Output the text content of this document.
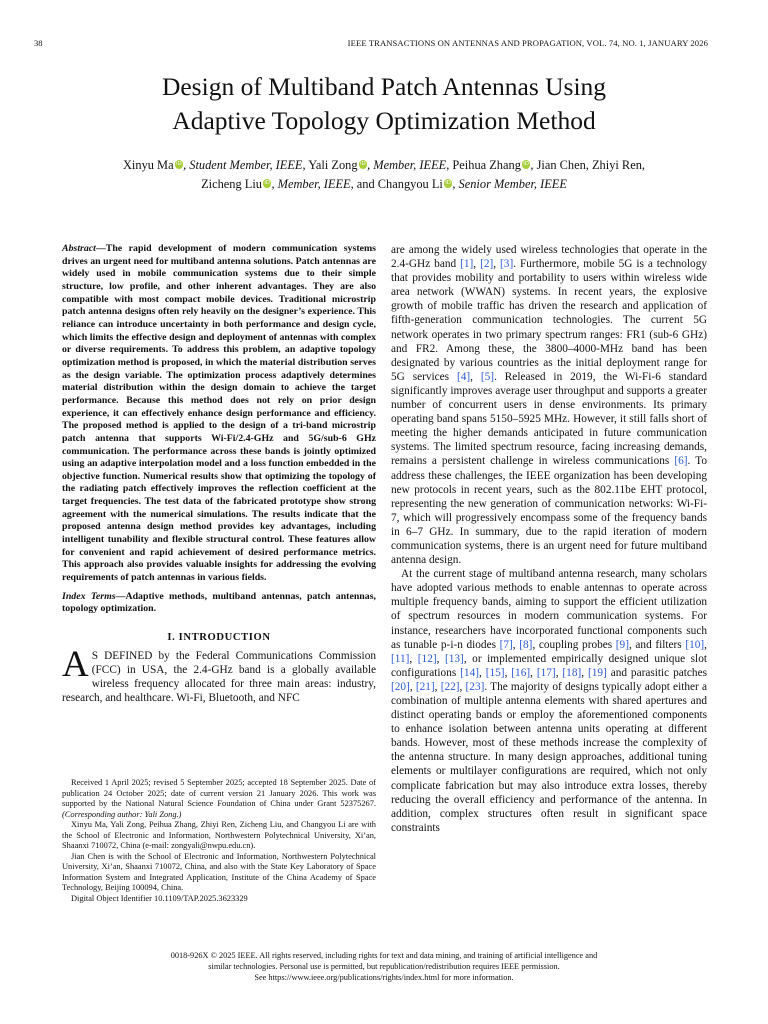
38	IEEE TRANSACTIONS ON ANTENNAS AND PROPAGATION, VOL. 74, NO. 1, JANUARY 2026
Design of Multiband Patch Antennas Using
Adaptive Topology Optimization Method
Xinyu Ma iD, Student Member, IEEE, Yali Zong iD, Member, IEEE, Peihua Zhang iD, Jian Chen, Zhiyi Ren,
Zicheng Liu iD, Member, IEEE, and Changyou Li iD, Senior Member, IEEE

Abstract—The rapid development of modern communication systems drives an urgent need for multiband antenna solutions. Patch antennas are widely used in mobile communication systems due to their simple structure, low profile, and other inherent advantages. They are also compatible with most compact mobile devices. Traditional microstrip patch antenna designs often rely heavily on the designer’s experience. This reliance can introduce uncertainty in both performance and design cycle, which limits the effective design and deployment of antennas with complex or diverse requirements. To address this problem, an adaptive topology optimization method is proposed, in which the material distribution serves as the design variable. The optimization process adaptively determines material distribution within the design domain to achieve the target performance. Because this method does not rely on prior design experience, it can effectively enhance design performance and efficiency. The proposed method is applied to the design of a tri-band microstrip patch antenna that supports Wi-Fi/2.4-GHz and 5G/sub-6 GHz communication. The performance across these bands is jointly optimized using an adaptive interpolation model and a loss function embedded in the objective function. Numerical results show that optimizing the topology of the radiating patch effectively improves the reflection coefficient at the target frequencies. The test data of the fabricated prototype show strong agreement with the numerical simulations. The results indicate that the proposed antenna design method provides key advantages, including intelligent tunability and flexible structural control. These features allow for convenient and rapid achievement of desired performance metrics. This approach also provides valuable insights for addressing the evolving requirements of patch antennas in various fields.

Index Terms—Adaptive methods, multiband antennas, patch antennas, topology optimization.

I. INTRODUCTION

A S DEFINED by the Federal Communications Commission (FCC) in USA, the 2.4-GHz band is a globally available wireless frequency allocated for three main areas: industry, research, and healthcare. Wi-Fi, Bluetooth, and NFC

Received 1 April 2025; revised 5 September 2025; accepted 18 September 2025. Date of publication 24 October 2025; date of current version 21 January 2026. This work was supported by the National Natural Science Foundation of China under Grant 52375267. (Corresponding author: Yali Zong.)

Xinyu Ma, Yali Zong, Peihua Zhang, Zhiyi Ren, Zicheng Liu, and Changyou Li are with the School of Electronic and Information, Northwestern Polytechnical University, Xi’an, Shaanxi 710072, China (e-mail: zongyali@nwpu.edu.cn).

Jian Chen is with the School of Electronic and Information, Northwestern Polytechnical University, Xi’an, Shaanxi 710072, China, and also with the State Key Laboratory of Space Information System and Integrated Application, Institute of the China Academy of Space Technology, Beijing 100094, China.

Digital Object Identifier 10.1109/TAP.2025.3623329

are among the widely used wireless technologies that operate in the 2.4-GHz band [1], [2], [3]. Furthermore, mobile 5G is a technology that provides mobility and portability to users within wireless wide area network (WWAN) systems. In recent years, the explosive growth of mobile traffic has driven the research and application of fifth-generation communication technologies. The current 5G network operates in two primary spectrum ranges: FR1 (sub-6 GHz) and FR2. Among these, the 3800–4000-MHz band has been designated by various countries as the initial deployment range for 5G services [4], [5]. Released in 2019, the Wi-Fi-6 standard significantly improves average user throughput and supports a greater number of concurrent users in dense environments. Its primary operating band spans 5150–5925 MHz. However, it still falls short of meeting the higher demands anticipated in future communication systems. The limited spectrum resource, facing increasing demands, remains a persistent challenge in wireless communications [6]. To address these challenges, the IEEE organization has been developing new protocols in recent years, such as the 802.11be EHT protocol, representing the new generation of communication networks: Wi-Fi-7, which will progressively encompass some of the frequency bands in 6–7 GHz. In summary, due to the rapid iteration of modern communication systems, there is an urgent need for future multiband antenna design.

At the current stage of multiband antenna research, many scholars have adopted various methods to enable antennas to operate across multiple frequency bands, aiming to support the efficient utilization of spectrum resources in modern communication systems. For instance, researchers have incorporated functional components such as tunable p-i-n diodes [7], [8], coupling probes [9], and filters [10], [11], [12], [13], or implemented empirically designed unique slot configurations [14], [15], [16], [17], [18], [19] and parasitic patches [20], [21], [22], [23]. The majority of designs typically adopt either a combination of multiple antenna elements with shared apertures and distinct operating bands or employ the aforementioned components to enhance isolation between antenna units operating at different bands. However, most of these methods increase the complexity of the antenna structure. In many design approaches, additional tuning elements or multilayer configurations are required, which not only complicate fabrication but may also introduce extra losses, thereby reducing the overall efficiency and performance of the antenna. In addition, complex structures often result in significant space constraints

0018-926X © 2025 IEEE. All rights reserved, including rights for text and data mining, and training of artificial intelligence and
similar technologies. Personal use is permitted, but republication/redistribution requires IEEE permission.
See https://www.ieee.org/publications/rights/index.html for more information.
